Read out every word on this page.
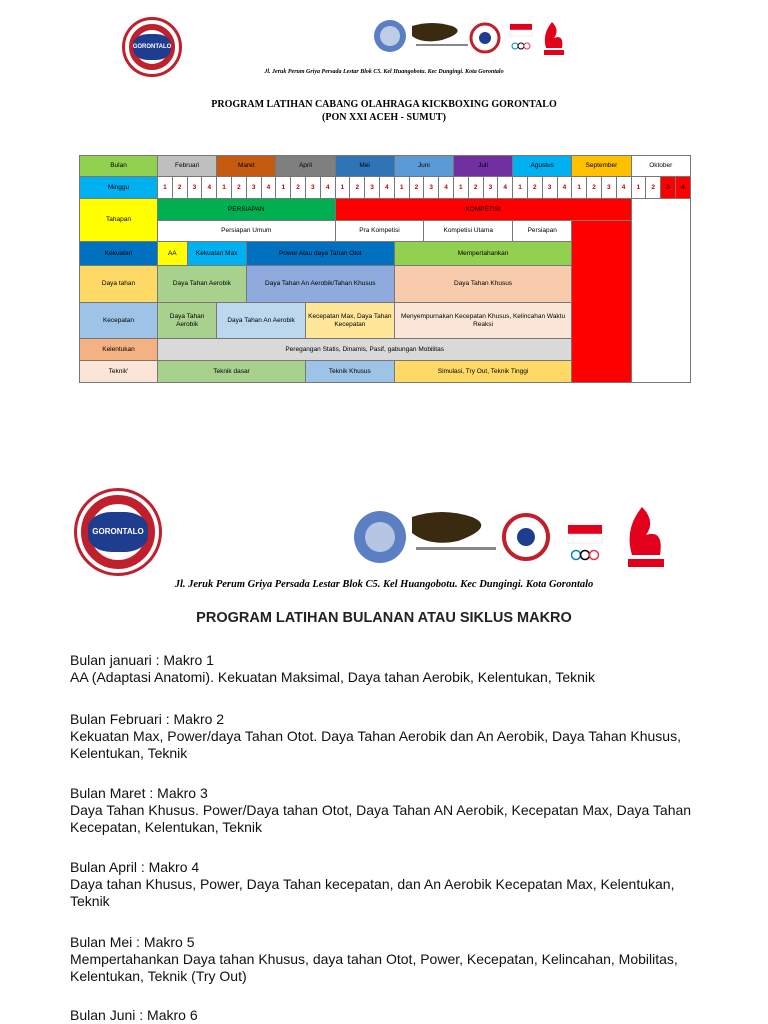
GORONTALO
Jl. Jeruk Perum Griya Persada Lestar Blok C5. Kel Huangobotu. Kec Dungingi. Kota Gorontalo
PROGRAM LATIHAN CABANG OLAHRAGA KICKBOXING GORONTALO
(PON XXI ACEH - SUMUT)
Bulan	Februari				Maret				April				Mei				Juni				Juli				Agustus				September				Oktober			
Minggu	1	2	3	4	1	2	3	4	1	2	3	4	1	2	3	4	1	2	3	4	1	2	3	4	1	2	3	4	1	2	3	4	1	2	3	4
Tahapan	PERSIAPAN												KOMPETISI																							
	Persiapan Umum												Pra Kompetisi						Kompetisi Utama						Persiapan											
Kekuatan	AA		Kekuatan Max				Power Atau daya Tahan Otot										Mempertahankan																			
Daya tahan	Daya Tahan Aerobik						Daya Tahan An Aerobik/Tahan Khusus										Daya Tahan Khusus																			
Kecepatan	Daya Tahan Aerobik				Daya Tahan An Aerobik						Kecepatan Max, Daya Tahan Kecepatan						Menyempurnakan Kecepatan Khusus, Kelincahan Waktu Reaksi																			
Kelentukan	Peregangan Statis, Dinamis, Pasif, gabungan Mobilitas																																			
Teknik'	Teknik dasar										Teknik Khusus						Simulasi, Try Out, Teknik Tinggi																			
GORONTALO
Jl. Jeruk Perum Griya Persada Lestar Blok C5. Kel Huangobotu. Kec Dungingi. Kota Gorontalo
PROGRAM LATIHAN BULANAN ATAU SIKLUS MAKRO
Bulan januari : Makro 1
AA (Adaptasi Anatomi). Kekuatan Maksimal, Daya tahan Aerobik, Kelentukan, Teknik
Bulan Februari : Makro 2
Kekuatan Max, Power/daya Tahan Otot. Daya Tahan Aerobik dan An Aerobik, Daya Tahan Khusus, Kelentukan, Teknik
Bulan Maret : Makro 3
Daya Tahan Khusus. Power/Daya tahan Otot, Daya Tahan AN Aerobik, Kecepatan Max, Daya Tahan Kecepatan, Kelentukan, Teknik
Bulan April : Makro 4
Daya tahan Khusus, Power, Daya Tahan kecepatan, dan An Aerobik Kecepatan Max, Kelentukan, Teknik
Bulan Mei : Makro 5
Mempertahankan Daya tahan Khusus, daya tahan Otot, Power, Kecepatan, Kelincahan, Mobilitas, Kelentukan, Teknik (Try Out)
Bulan Juni : Makro 6
